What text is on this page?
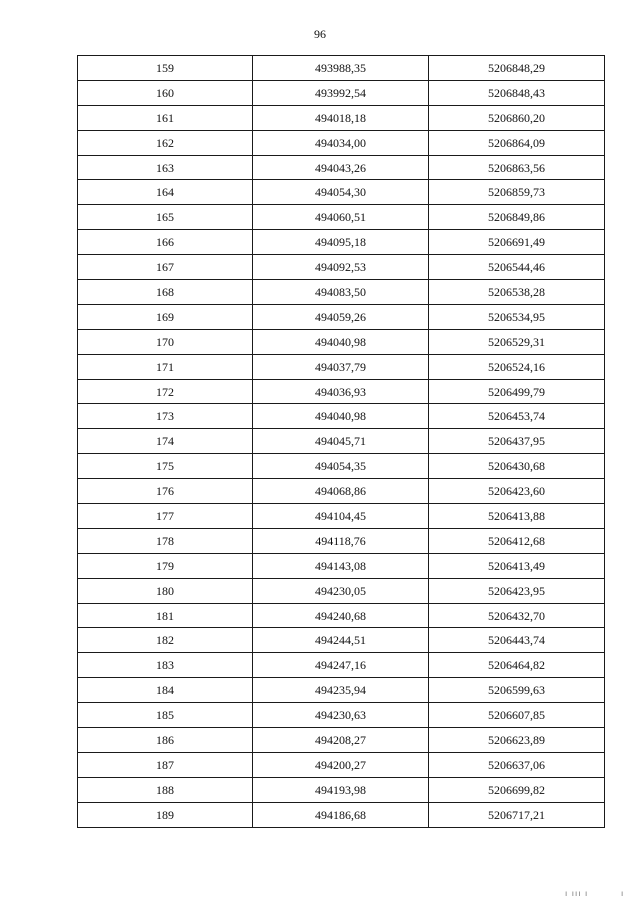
96
159	493988,35	5206848,29
160	493992,54	5206848,43
161	494018,18	5206860,20
162	494034,00	5206864,09
163	494043,26	5206863,56
164	494054,30	5206859,73
165	494060,51	5206849,86
166	494095,18	5206691,49
167	494092,53	5206544,46
168	494083,50	5206538,28
169	494059,26	5206534,95
170	494040,98	5206529,31
171	494037,79	5206524,16
172	494036,93	5206499,79
173	494040,98	5206453,74
174	494045,71	5206437,95
175	494054,35	5206430,68
176	494068,86	5206423,60
177	494104,45	5206413,88
178	494118,76	5206412,68
179	494143,08	5206413,49
180	494230,05	5206423,95
181	494240,68	5206432,70
182	494244,51	5206443,74
183	494247,16	5206464,82
184	494235,94	5206599,63
185	494230,63	5206607,85
186	494208,27	5206623,89
187	494200,27	5206637,06
188	494193,98	5206699,82
189	494186,68	5206717,21
ı ııı ı	ı
